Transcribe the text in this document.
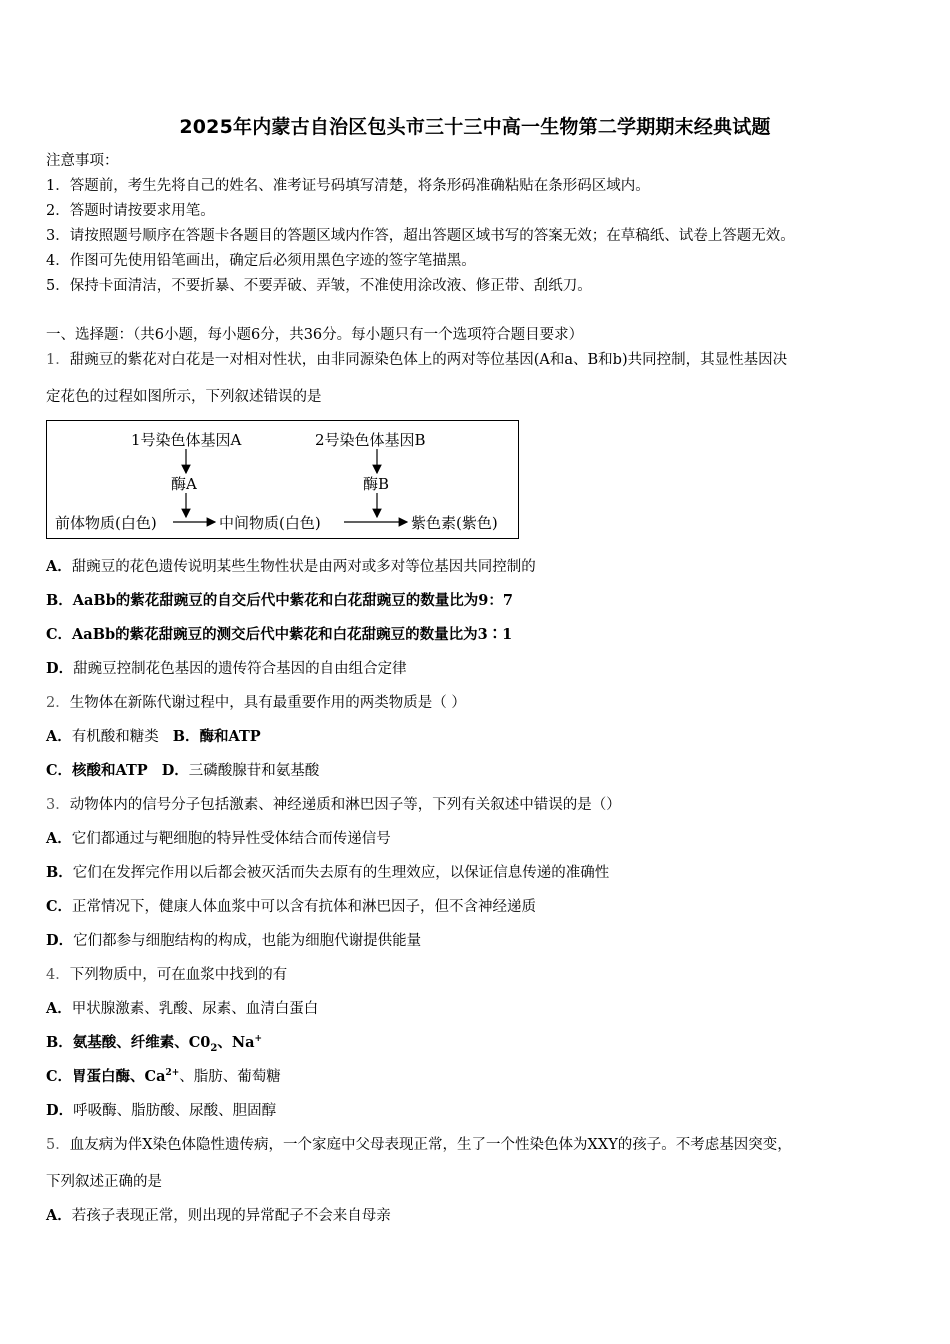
2025年内蒙古自治区包头市三十三中高一生物第二学期期末经典试题
注意事项：
1．答题前，考生先将自己的姓名、准考证号码填写清楚，将条形码准确粘贴在条形码区域内。
2．答题时请按要求用笔。
3．请按照题号顺序在答题卡各题目的答题区域内作答，超出答题区域书写的答案无效；在草稿纸、试卷上答题无效。
4．作图可先使用铅笔画出，确定后必须用黑色字迹的签字笔描黑。
5．保持卡面清洁，不要折暴、不要弄破、弄皱，不准使用涂改液、修正带、刮纸刀。
一、选择题：（共6小题，每小题6分，共36分。每小题只有一个选项符合题目要求）
1．甜豌豆的紫花对白花是一对相对性状，由非同源染色体上的两对等位基因(A和a、B和b)共同控制，其显性基因决
定花色的过程如图所示，下列叙述错误的是
1号染色体基因A	2号染色体基因B
酶A	酶B
前体物质(白色)	中间物质(白色)	紫色素(紫色)
A．甜豌豆的花色遗传说明某些生物性状是由两对或多对等位基因共同控制的
B．AaBb的紫花甜豌豆的自交后代中紫花和白花甜豌豆的数量比为9：7
C．AaBb的紫花甜豌豆的测交后代中紫花和白花甜豌豆的数量比为3∶1
D．甜豌豆控制花色基因的遗传符合基因的自由组合定律
2．生物体在新陈代谢过程中，具有最重要作用的两类物质是（ ）
A．有机酸和糖类 B．酶和ATP
C．核酸和ATP D．三磷酸腺苷和氨基酸
3．动物体内的信号分子包括激素、神经递质和淋巴因子等，下列有关叙述中错误的是（）
A．它们都通过与靶细胞的特异性受体结合而传递信号
B．它们在发挥完作用以后都会被灭活而失去原有的生理效应，以保证信息传递的准确性
C．正常情况下，健康人体血浆中可以含有抗体和淋巴因子，但不含神经递质
D．它们都参与细胞结构的构成，也能为细胞代谢提供能量
4．下列物质中，可在血浆中找到的有
A．甲状腺激素、乳酸、尿素、血清白蛋白
B．氨基酸、纤维素、$C0_2$、Na+
C．胃蛋白酶、$Ca^{2+}$、脂肪、葡萄糖
D．呼吸酶、脂肪酸、尿酸、胆固醇
5．血友病为伴X染色体隐性遗传病，一个家庭中父母表现正常，生了一个性染色体为XXY的孩子。不考虑基因突变，
下列叙述正确的是
A．若孩子表现正常，则出现的异常配子不会来自母亲
